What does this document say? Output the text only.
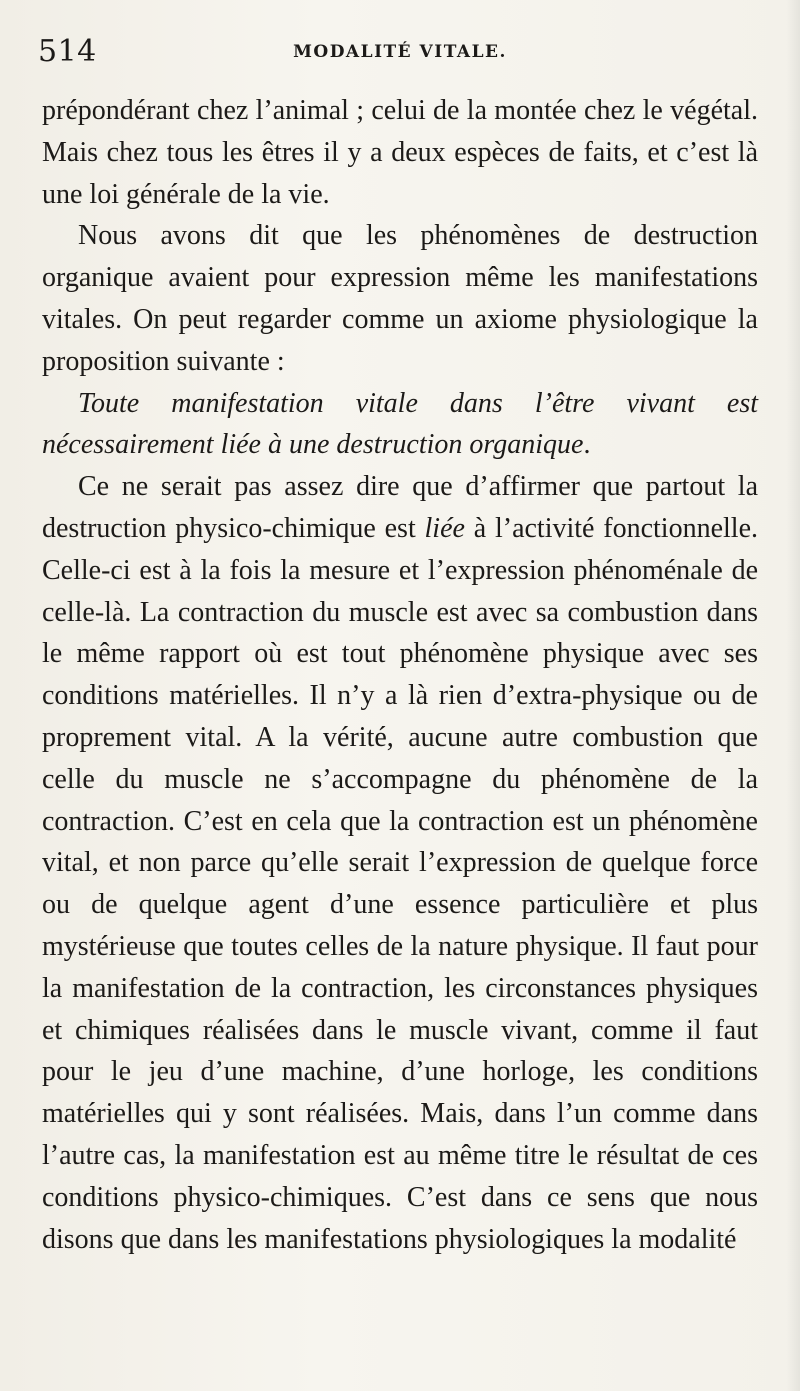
514	MODALITÉ VITALE.

prépondérant chez l’animal ; celui de la montée chez le végétal. Mais chez tous les êtres il y a deux espèces de faits, et c’est là une loi générale de la vie.

Nous avons dit que les phénomènes de destruction organique avaient pour expression même les manifestations vitales. On peut regarder comme un axiome physiologique la proposition suivante :

Toute manifestation vitale dans l’être vivant est nécessairement liée à une destruction organique.

Ce ne serait pas assez dire que d’affirmer que partout la destruction physico-chimique est liée à l’activité fonctionnelle. Celle-ci est à la fois la mesure et l’expression phénoménale de celle-là. La contraction du muscle est avec sa combustion dans le même rapport où est tout phénomène physique avec ses conditions matérielles. Il n’y a là rien d’extra-physique ou de proprement vital. A la vérité, aucune autre combustion que celle du muscle ne s’accompagne du phénomène de la contraction. C’est en cela que la contraction est un phénomène vital, et non parce qu’elle serait l’expression de quelque force ou de quelque agent d’une essence particulière et plus mystérieuse que toutes celles de la nature physique. Il faut pour la manifestation de la contraction, les circonstances physiques et chimiques réalisées dans le muscle vivant, comme il faut pour le jeu d’une machine, d’une horloge, les conditions matérielles qui y sont réalisées. Mais, dans l’un comme dans l’autre cas, la manifestation est au même titre le résultat de ces conditions physico-chimiques. C’est dans ce sens que nous disons que dans les manifestations physiologiques la modalité
